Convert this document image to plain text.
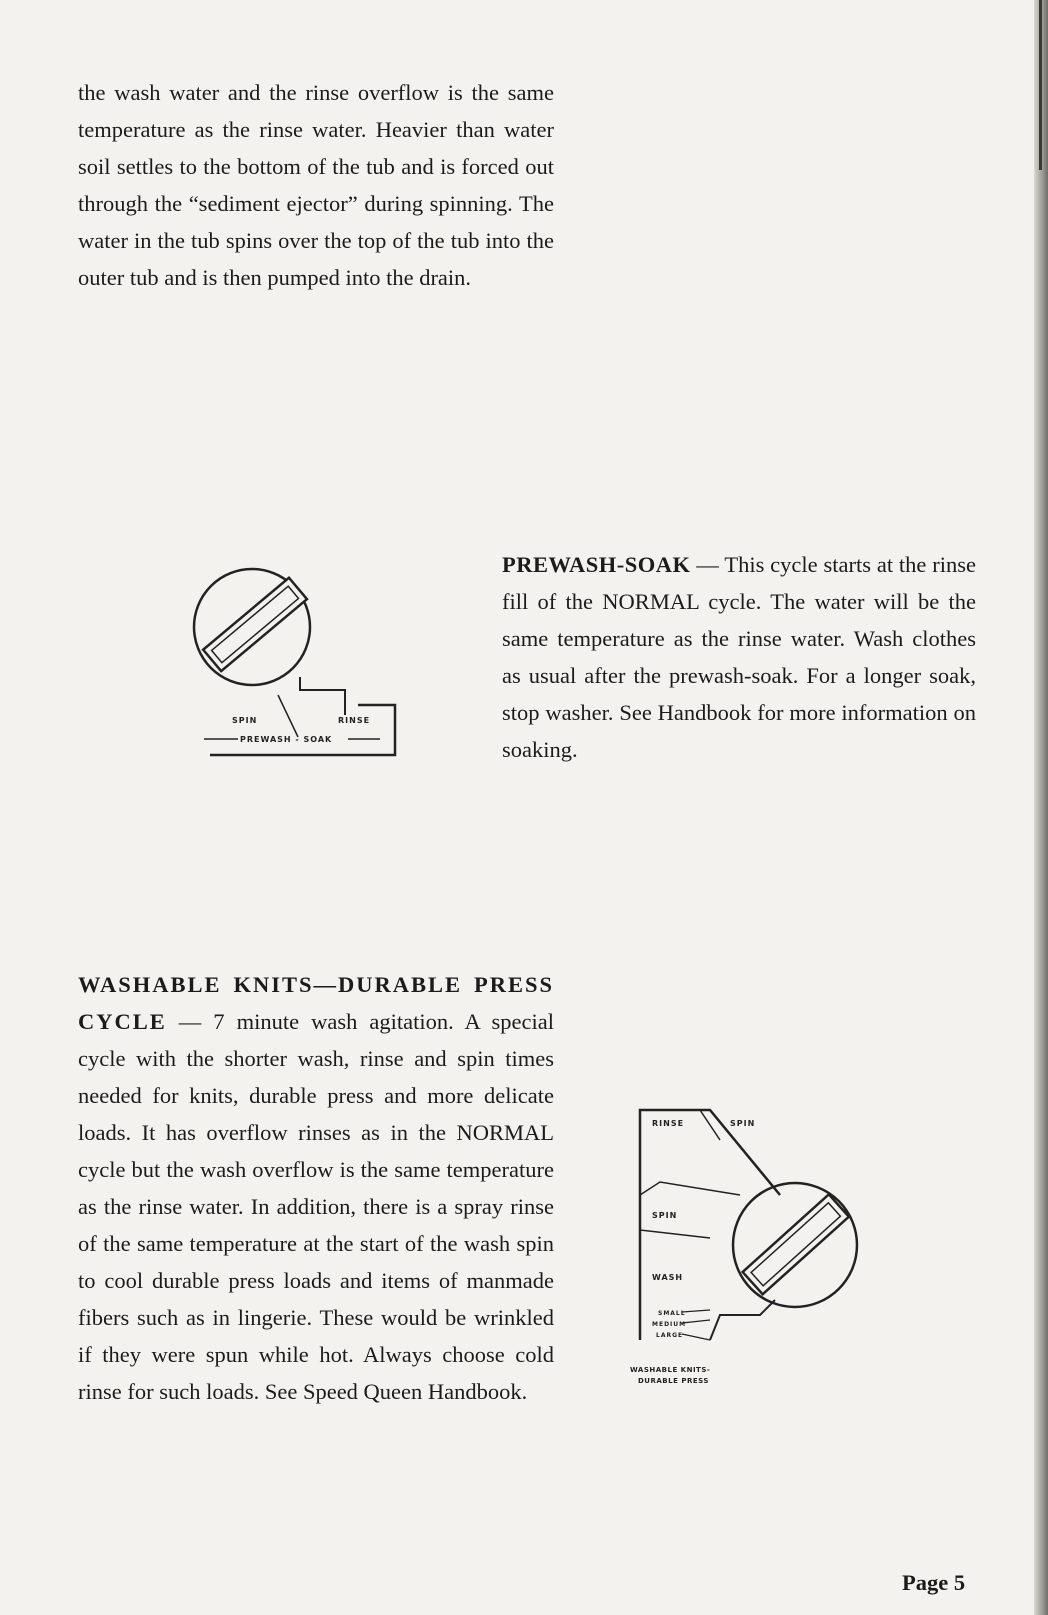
the wash water and the rinse overflow is the same temperature as the rinse water. Heavier than water soil settles to the bottom of the tub and is forced out through the “sediment ejector” during spinning. The water in the tub spins over the top of the tub into the outer tub and is then pumped into the drain.

SPIN	RINSE
PREWASH - SOAK

PREWASH-SOAK — This cycle starts at the rinse fill of the NORMAL cycle. The water will be the same temperature as the rinse water. Wash clothes as usual after the prewash-soak. For a longer soak, stop washer. See Handbook for more information on soaking.

WASHABLE KNITS—DURABLE PRESS CYCLE — 7 minute wash agitation. A special cycle with the shorter wash, rinse and spin times needed for knits, durable press and more delicate loads. It has overflow rinses as in the NORMAL cycle but the wash overflow is the same temperature as the rinse water. In addition, there is a spray rinse of the same temperature at the start of the wash spin to cool durable press loads and items of manmade fibers such as in lingerie. These would be wrinkled if they were spun while hot. Always choose cold rinse for such loads. See Speed Queen Handbook.

RINSE	SPIN
SPIN
WASH
SMALL
MEDIUM
LARGE
WASHABLE KNITS-
DURABLE PRESS
Page 5
